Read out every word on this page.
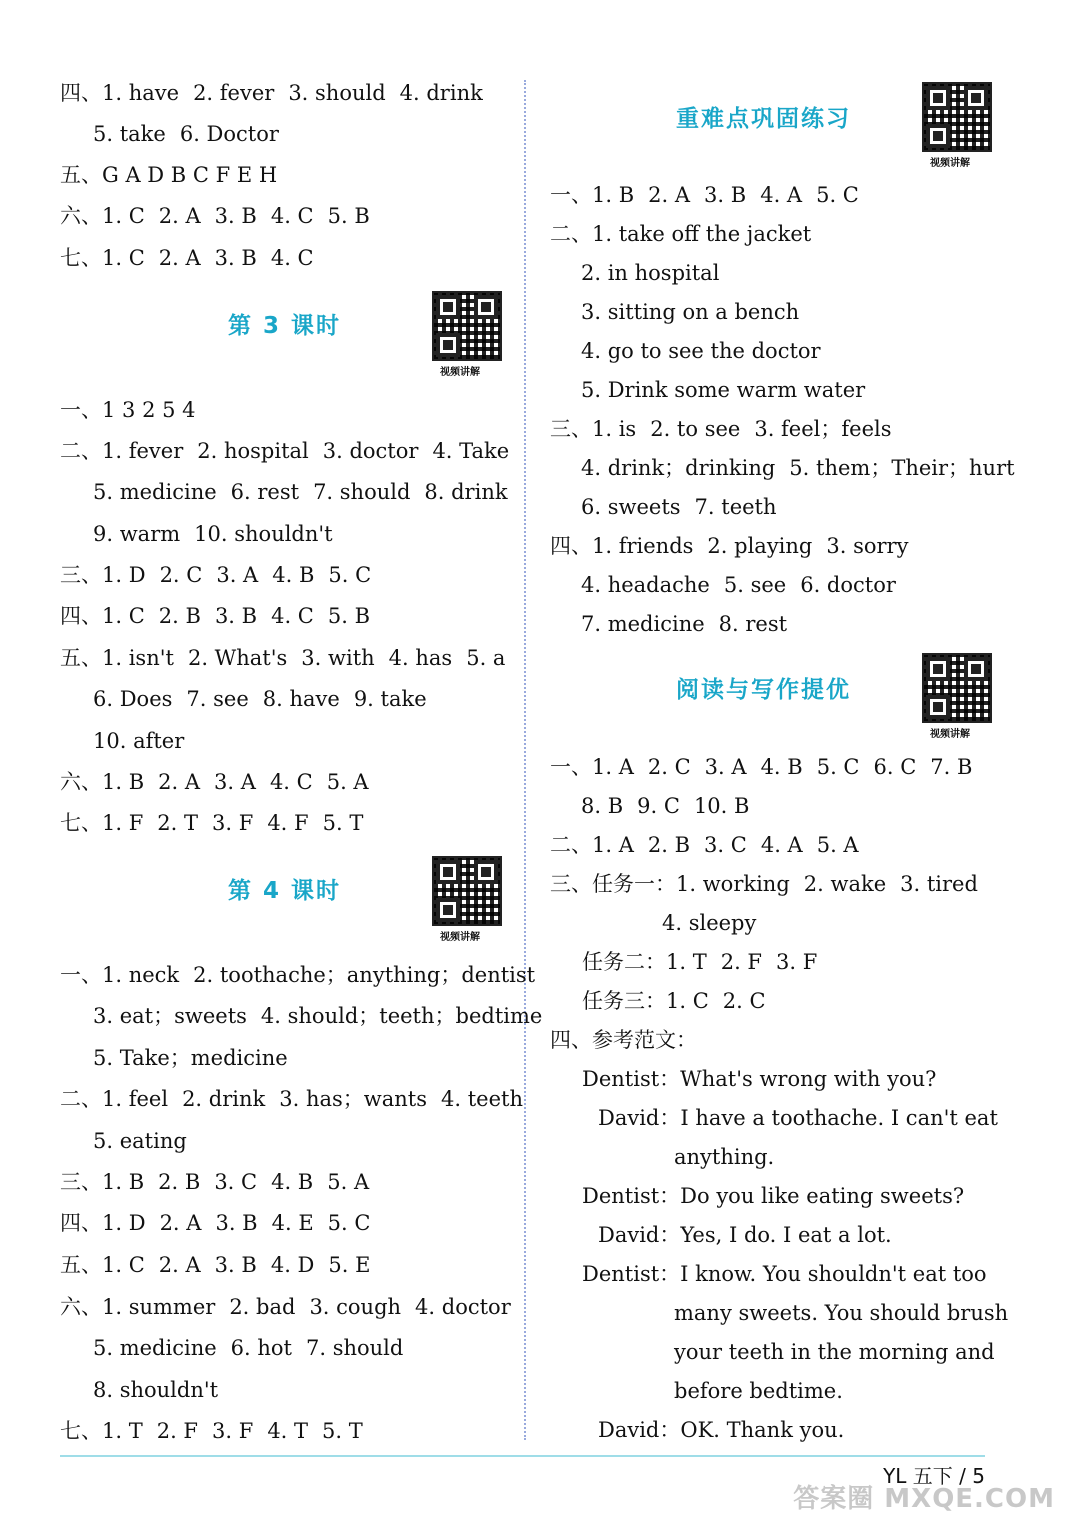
第 3 课时
第 4 课时
四、1. have 2. fever 3. should 4. drink
5. take 6. Doctor
五、G A D B C F E H
六、1. C 2. A 3. B 4. C 5. B
七、1. C 2. A 3. B 4. C
一、1 3 2 5 4
二、1. fever 2. hospital 3. doctor 4. Take
5. medicine 6. rest 7. should 8. drink
9. warm 10. shouldn't
三、1. D 2. C 3. A 4. B 5. C
四、1. C 2. B 3. B 4. C 5. B
五、1. isn't 2. What's 3. with 4. has 5. a
6. Does 7. see 8. have 9. take
10. after
六、1. B 2. A 3. A 4. C 5. A
七、1. F 2. T 3. F 4. F 5. T
一、1. neck 2. toothache；anything；dentist
3. eat；sweets 4. should；teeth；bedtime
5. Take；medicine
二、1. feel 2. drink 3. has；wants 4. teeth
5. eating
三、1. B 2. B 3. C 4. B 5. A
四、1. D 2. A 3. B 4. E 5. C
五、1. C 2. A 3. B 4. D 5. E
六、1. summer 2. bad 3. cough 4. doctor
5. medicine 6. hot 7. should
8. shouldn't
七、1. T 2. F 3. F 4. T 5. T
重难点巩固练习
阅读与写作提优
一、1. B 2. A 3. B 4. A 5. C
二、1. take off the jacket
2. in hospital
3. sitting on a bench
4. go to see the doctor
5. Drink some warm water
三、1. is 2. to see 3. feel；feels
4. drink；drinking 5. them；Their；hurt
6. sweets 7. teeth
四、1. friends 2. playing 3. sorry
4. headache 5. see 6. doctor
7. medicine 8. rest
一、1. A 2. C 3. A 4. B 5. C 6. C 7. B
8. B 9. C 10. B
二、1. A 2. B 3. C 4. A 5. A
三、任务一：1. working 2. wake 3. tired
4. sleepy
任务二：1. T 2. F 3. F
任务三：1. C 2. C
四、参考范文：
Dentist：What's wrong with you?
David：I have a toothache. I can't eat
anything.
Dentist：Do you like eating sweets?
David：Yes, I do. I eat a lot.
Dentist：I know. You shouldn't eat too
many sweets. You should brush
your teeth in the morning and
before bedtime.
David：OK. Thank you.
视频讲解
视频讲解
视频讲解
视频讲解
YL 五下 / 5
答案圈 MXQE.COM
